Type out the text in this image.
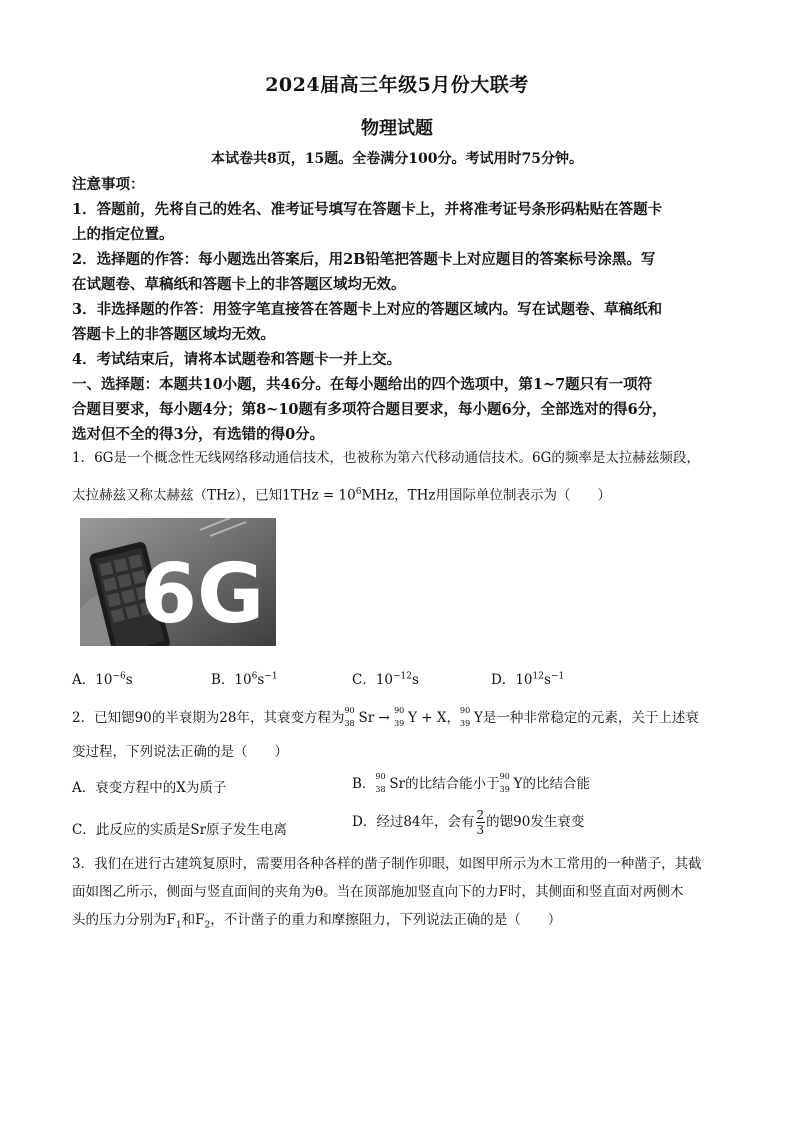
2024届高三年级5月份大联考
物理试题
本试卷共8页，15题。全卷满分100分。考试用时75分钟。
注意事项：
1．答题前，先将自己的姓名、准考证号填写在答题卡上，并将准考证号条形码粘贴在答题卡
上的指定位置。
2．选择题的作答：每小题选出答案后，用2B铅笔把答题卡上对应题目的答案标号涂黑。写
在试题卷、草稿纸和答题卡上的非答题区域均无效。
3．非选择题的作答：用签字笔直接答在答题卡上对应的答题区域内。写在试题卷、草稿纸和
答题卡上的非答题区域均无效。
4．考试结束后，请将本试题卷和答题卡一并上交。
一、选择题：本题共10小题，共46分。在每小题给出的四个选项中，第1~7题只有一项符
合题目要求，每小题4分；第8~10题有多项符合题目要求，每小题6分，全部选对的得6分，
选对但不全的得3分，有选错的得0分。
1．6G是一个概念性无线网络移动通信技术，也被称为第六代移动通信技术。6G的频率是太拉赫兹频段，
太拉赫兹又称太赫兹（THz），已知$1THz = 10^6MHz$，THz用国际单位制表示为（　　）
6G
A．$10^{-6}s$	B．$10^6s^{-1}$	C．$10^{-12}s$	D．$10^{12}s^{-1}$
2．已知锶90的半衰期为28年，其衰变方程为 90
38 Sr → 90
39 Y + X， 90
39 Y是一种非常稳定的元素，关于上述衰
变过程，下列说法正确的是（　　）
A．衰变方程中的X为质子	B． 90
38 Sr的比结合能小于 90
39 Y的比结合能
C．此反应的实质是Sr原子发生电离	D．经过84年，会有 $\frac{2}{3}$ 的锶90发生衰变
3．我们在进行古建筑复原时，需要用各种各样的凿子制作卯眼，如图甲所示为木工常用的一种凿子，其截
面如图乙所示，侧面与竖直面间的夹角为θ。当在顶部施加竖直向下的力F时，其侧面和竖直面对两侧木
头的压力分别为$F_1$和$F_2$，不计凿子的重力和摩擦阻力，下列说法正确的是（　　）
